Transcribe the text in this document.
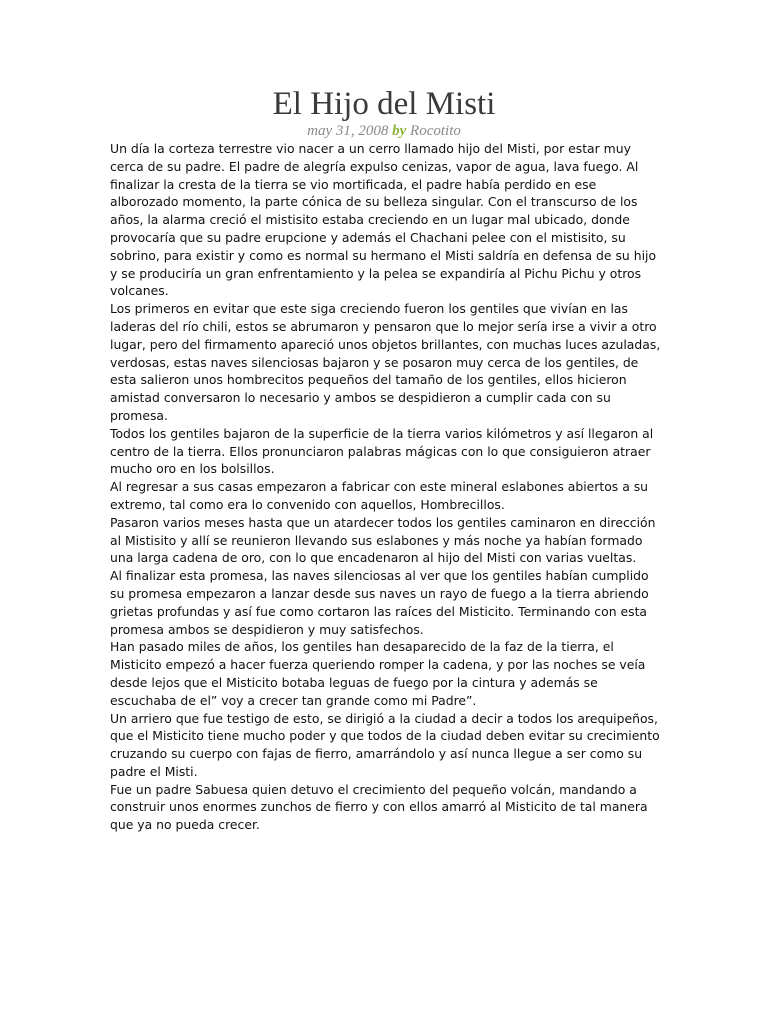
El Hijo del Misti
may 31, 2008 by Rocotito

Un día la corteza terrestre vio nacer a un cerro llamado hijo del Misti, por estar muy cerca de su padre. El padre de alegría expulso cenizas, vapor de agua, lava fuego. Al finalizar la cresta de la tierra se vio mortificada, el padre había perdido en ese alborozado momento, la parte cónica de su belleza singular. Con el transcurso de los años, la alarma creció el mistisito estaba creciendo en un lugar mal ubicado, donde provocaría que su padre erupcione y además el Chachani pelee con el mistisito, su sobrino, para existir y como es normal su hermano el Misti saldría en defensa de su hijo y se produciría un gran enfrentamiento y la pelea se expandiría al Pichu Pichu y otros volcanes.

Los primeros en evitar que este siga creciendo fueron los gentiles que vivían en las laderas del río chili, estos se abrumaron y pensaron que lo mejor sería irse a vivir a otro lugar, pero del firmamento apareció unos objetos brillantes, con muchas luces azuladas, verdosas, estas naves silenciosas bajaron y se posaron muy cerca de los gentiles, de esta salieron unos hombrecitos pequeños del tamaño de los gentiles, ellos hicieron amistad conversaron lo necesario y ambos se despidieron a cumplir cada con su promesa.

Todos los gentiles bajaron de la superficie de la tierra varios kilómetros y así llegaron al centro de la tierra. Ellos pronunciaron palabras mágicas con lo que consiguieron atraer mucho oro en los bolsillos.

Al regresar a sus casas empezaron a fabricar con este mineral eslabones abiertos a su extremo, tal como era lo convenido con aquellos, Hombrecillos.

Pasaron varios meses hasta que un atardecer todos los gentiles caminaron en dirección al Mistisito y allí se reunieron llevando sus eslabones y más noche ya habían formado una larga cadena de oro, con lo que encadenaron al hijo del Misti con varias vueltas.

Al finalizar esta promesa, las naves silenciosas al ver que los gentiles habían cumplido su promesa empezaron a lanzar desde sus naves un rayo de fuego a la tierra abriendo grietas profundas y así fue como cortaron las raíces del Misticito. Terminando con esta promesa ambos se despidieron y muy satisfechos.

Han pasado miles de años, los gentiles han desaparecido de la faz de la tierra, el Misticito empezó a hacer fuerza queriendo romper la cadena, y por las noches se veía desde lejos que el Misticito botaba leguas de fuego por la cintura y además se escuchaba de el” voy a crecer tan grande como mi Padre”.

Un arriero que fue testigo de esto, se dirigió a la ciudad a decir a todos los arequipeños, que el Misticito tiene mucho poder y que todos de la ciudad deben evitar su crecimiento cruzando su cuerpo con fajas de fierro, amarrándolo y así nunca llegue a ser como su padre el Misti.

Fue un padre Sabuesa quien detuvo el crecimiento del pequeño volcán, mandando a construir unos enormes zunchos de fierro y con ellos amarró al Misticito de tal manera que ya no pueda crecer.
